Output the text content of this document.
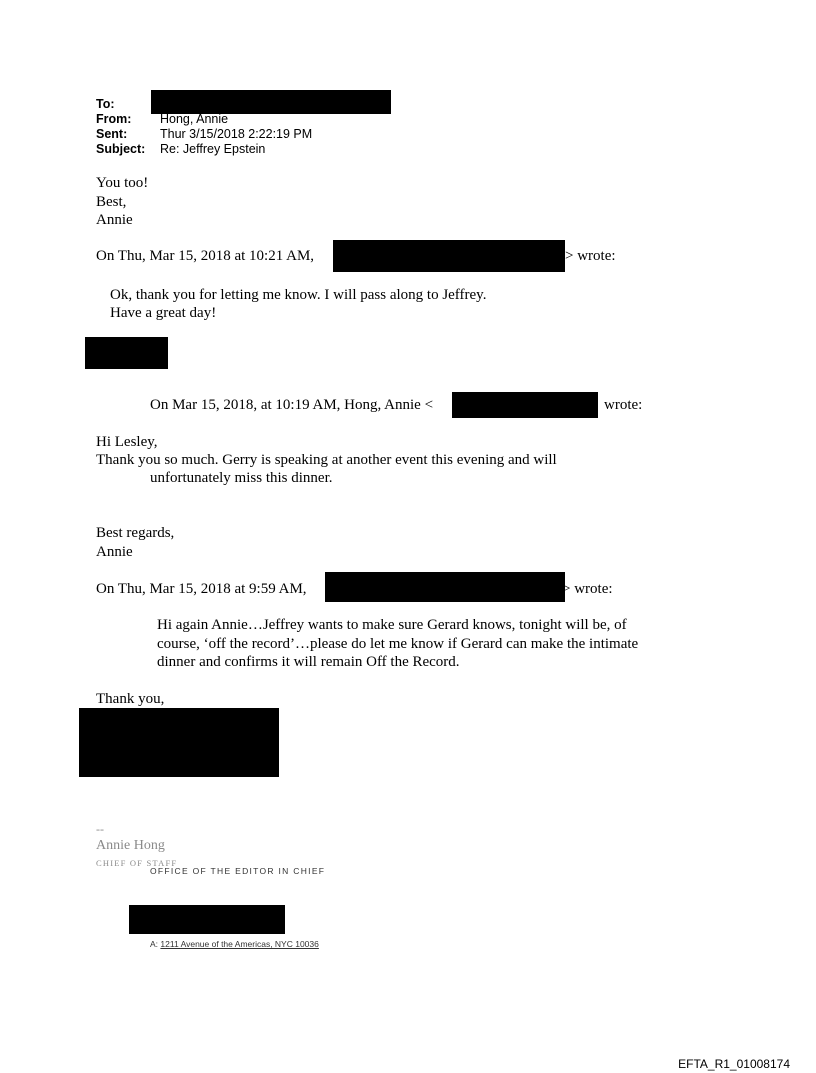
To:
From: Hong, Annie
Sent:	Thur 3/15/2018 2:22:19 PM
Subject: Re: Jeffrey Epstein
You too!
Best,
Annie
On Thu, Mar 15, 2018 at 10:21 AM,	> wrote:
Ok, thank you for letting me know. I will pass along to Jeffrey.
Have a great day!
On Mar 15, 2018, at 10:19 AM, Hong, Annie <	wrote:
Hi Lesley,
Thank you so much. Gerry is speaking at another event this evening and will
unfortunately miss this dinner.
Best regards,
Annie
On Thu, Mar 15, 2018 at 9:59 AM,	> wrote:
Hi again Annie…Jeffrey wants to make sure Gerard knows, tonight will be, of
course, ‘off the record’…please do let me know if Gerard can make the intimate
dinner and confirms it will remain Off the Record.
Thank you,
--
Annie Hong
CHIEF OF STAFF
OFFICE OF THE EDITOR IN CHIEF
A: 1211 Avenue of the Americas, NYC 10036
EFTA_R1_01008174
